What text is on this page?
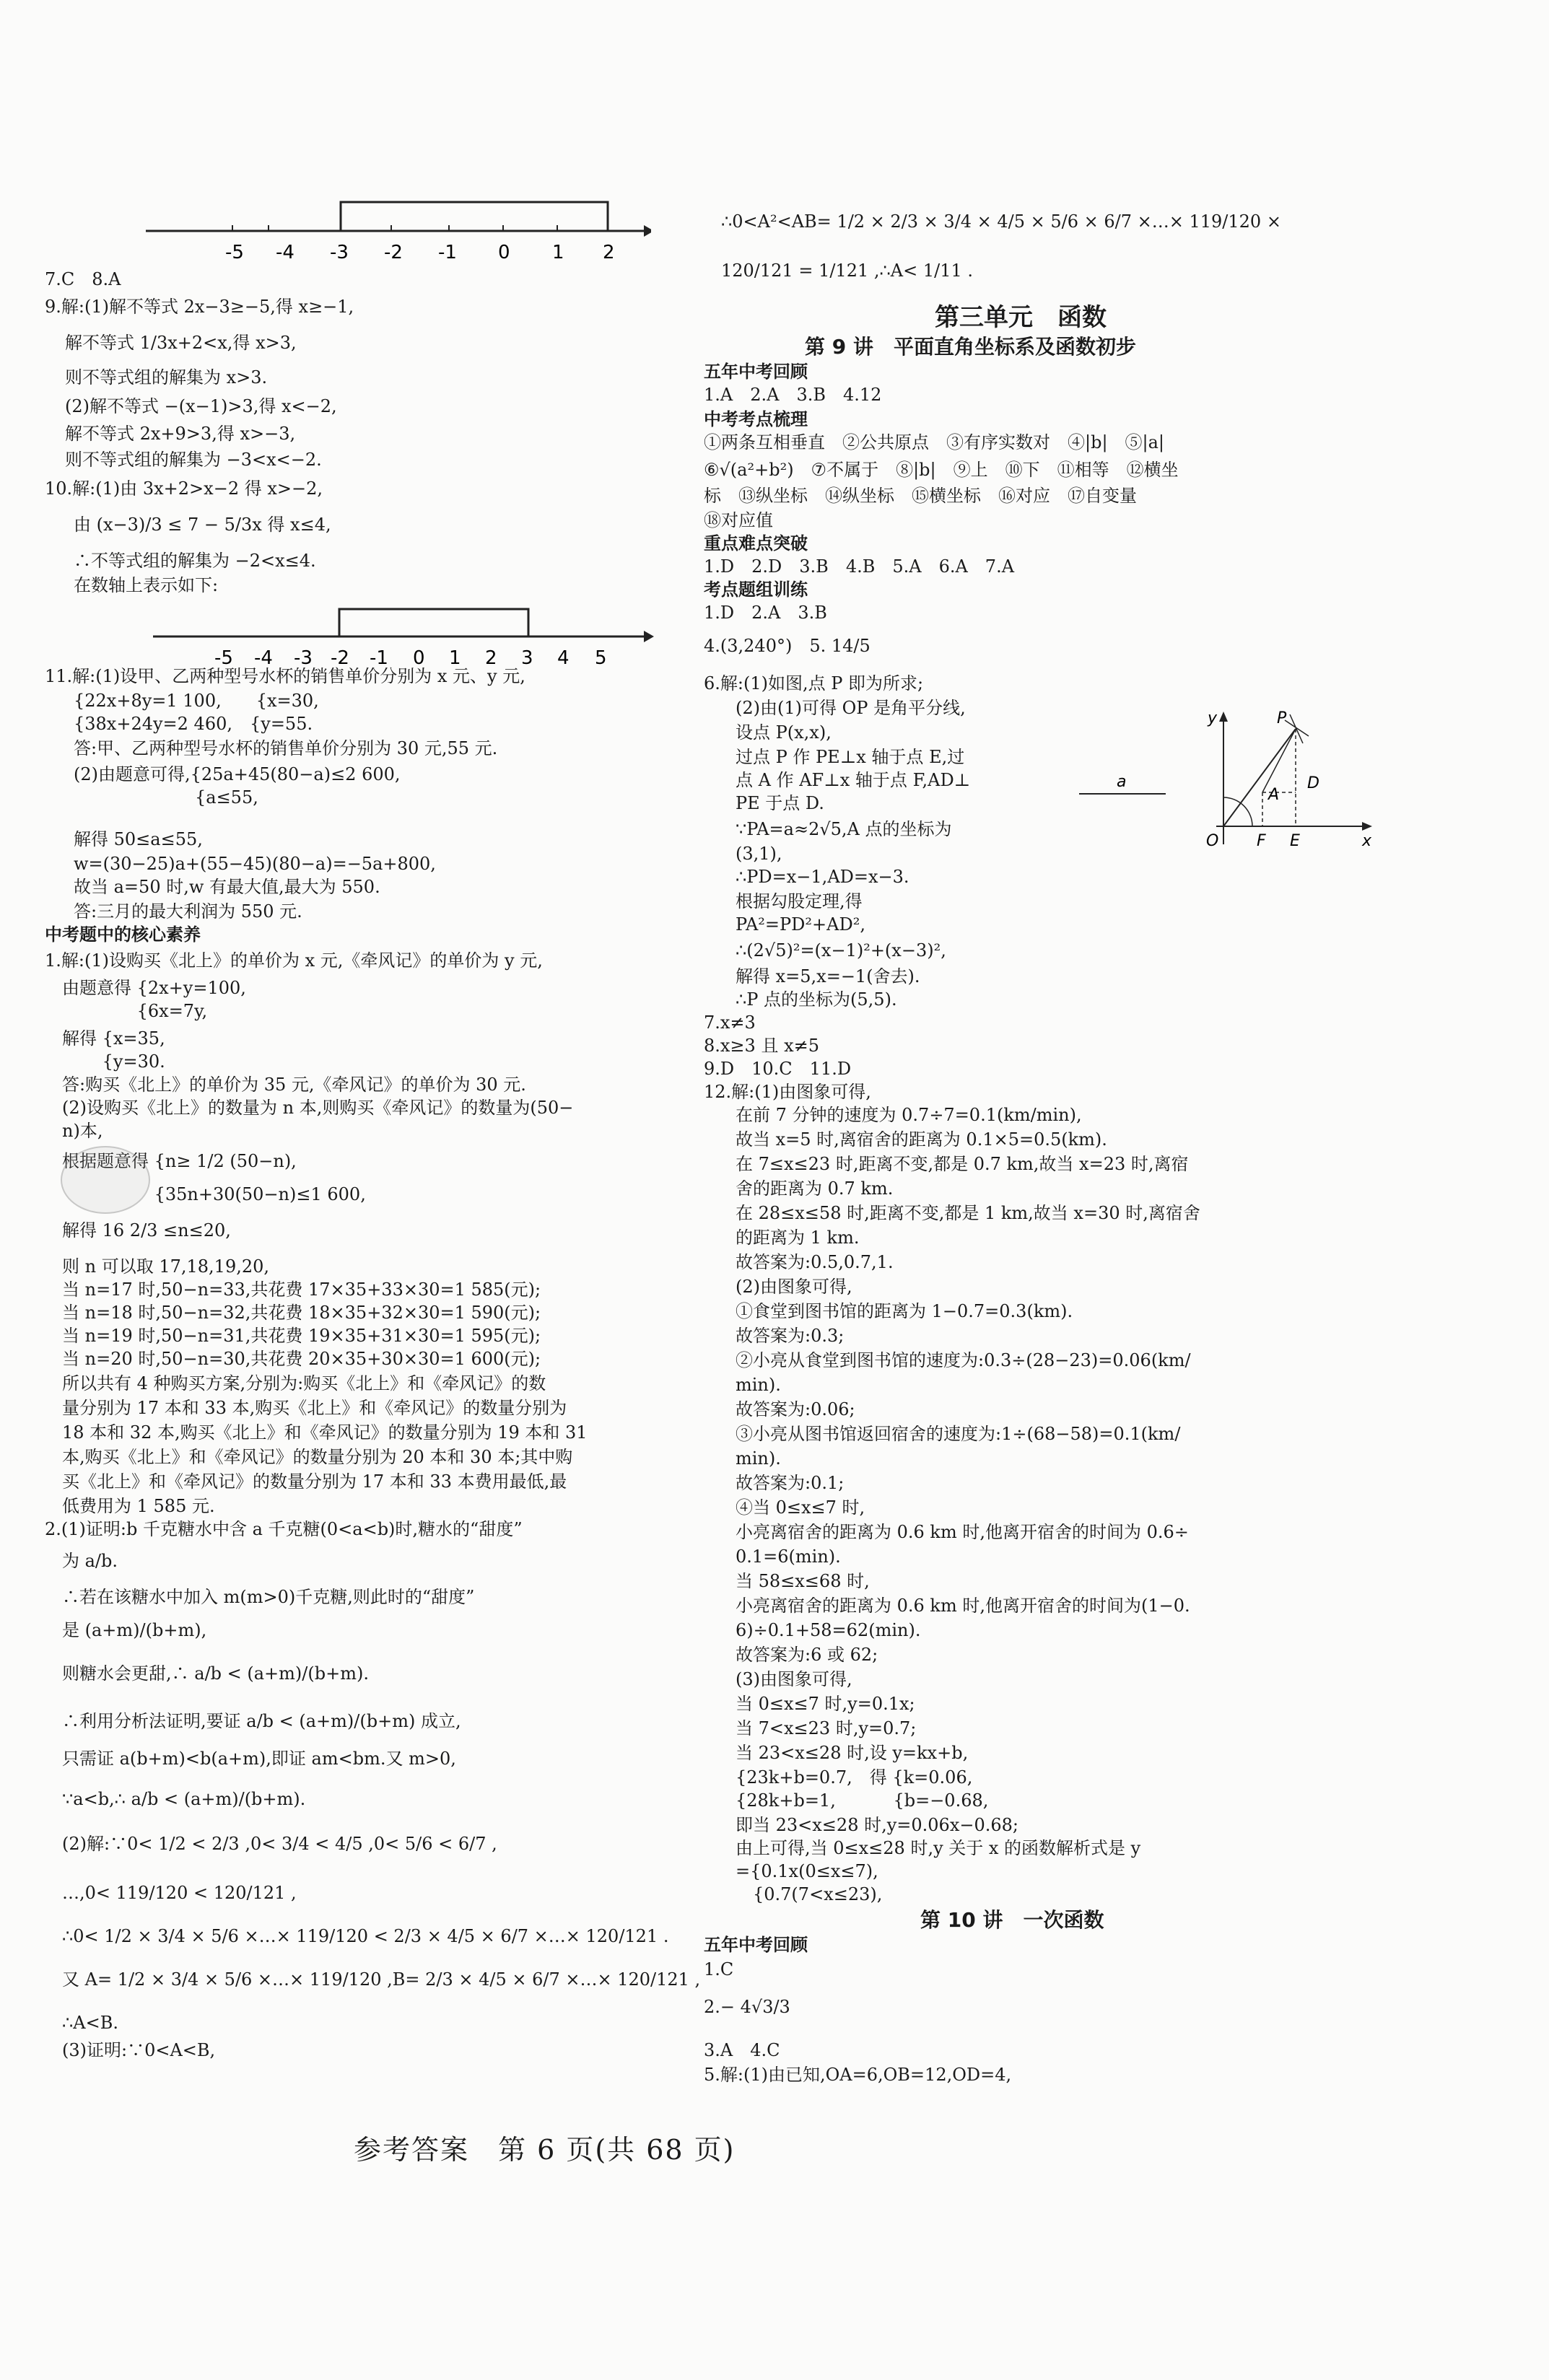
-5 -4 -3 -2 -1 0 1 2
7.C　8.A
9.解:(1)解不等式 2x−3≥−5,得 x≥−1,
解不等式 1/3x+2<x,得 x>3,
则不等式组的解集为 x>3.
(2)解不等式 −(x−1)>3,得 x<−2,
解不等式 2x+9>3,得 x>−3,
则不等式组的解集为 −3<x<−2.
10.解:(1)由 3x+2>x−2 得 x>−2,
由 (x−3)/3 ≤ 7 − 5/3x 得 x≤4,
∴不等式组的解集为 −2<x≤4.
在数轴上表示如下:
-5 -4 -3 -2 -1 0 1 2 3 4 5
11.解:(1)设甲、乙两种型号水杯的销售单价分别为 x 元、y 元,
{22x+8y=1 100,　　{x=30,
{38x+24y=2 460,　{y=55.
答:甲、乙两种型号水杯的销售单价分别为 30 元,55 元.
(2)由题意可得,{25a+45(80−a)≤2 600,
　　　　　　　{a≤55,
解得 50≤a≤55,
w=(30−25)a+(55−45)(80−a)=−5a+800,
故当 a=50 时,w 有最大值,最大为 550.
答:三月的最大利润为 550 元.
中考题中的核心素养
1.解:(1)设购买《北上》的单价为 x 元,《牵风记》的单价为 y 元,
由题意得 {2x+y=100,
　　　　 {6x=7y,
解得 {x=35,
　　 {y=30.
答:购买《北上》的单价为 35 元,《牵风记》的单价为 30 元.
(2)设购买《北上》的数量为 n 本,则购买《牵风记》的数量为(50−
n)本,
根据题意得 {n≥ 1/2 (50−n),
　　　　　 {35n+30(50−n)≤1 600,
解得 16 2/3 ≤n≤20,
则 n 可以取 17,18,19,20,
当 n=17 时,50−n=33,共花费 17×35+33×30=1 585(元);
当 n=18 时,50−n=32,共花费 18×35+32×30=1 590(元);
当 n=19 时,50−n=31,共花费 19×35+31×30=1 595(元);
当 n=20 时,50−n=30,共花费 20×35+30×30=1 600(元);
所以共有 4 种购买方案,分别为:购买《北上》和《牵风记》的数
量分别为 17 本和 33 本,购买《北上》和《牵风记》的数量分别为
18 本和 32 本,购买《北上》和《牵风记》的数量分别为 19 本和 31
本,购买《北上》和《牵风记》的数量分别为 20 本和 30 本;其中购
买《北上》和《牵风记》的数量分别为 17 本和 33 本费用最低,最
低费用为 1 585 元.
2.(1)证明:b 千克糖水中含 a 千克糖(0<a<b)时,糖水的“甜度”
为 a/b.
∴若在该糖水中加入 m(m>0)千克糖,则此时的“甜度”
是 (a+m)/(b+m),
则糖水会更甜,∴ a/b < (a+m)/(b+m).
∴利用分析法证明,要证 a/b < (a+m)/(b+m) 成立,
只需证 a(b+m)<b(a+m),即证 am<bm.又 m>0,
∵a<b,∴ a/b < (a+m)/(b+m).
(2)解:∵0< 1/2 < 2/3 ,0< 3/4 < 4/5 ,0< 5/6 < 6/7 ,
…,0< 119/120 < 120/121 ,
∴0< 1/2 × 3/4 × 5/6 ×…× 119/120 < 2/3 × 4/5 × 6/7 ×…× 120/121 .
又 A= 1/2 × 3/4 × 5/6 ×…× 119/120 ,B= 2/3 × 4/5 × 6/7 ×…× 120/121 ,
∴A<B.
(3)证明:∵0<A<B,
∴0<A²<AB= 1/2 × 2/3 × 3/4 × 4/5 × 5/6 × 6/7 ×…× 119/120 ×
120/121 = 1/121 ,∴A< 1/11 .
第三单元　函数
第 9 讲　平面直角坐标系及函数初步
五年中考回顾
1.A　2.A　3.B　4.12
中考考点梳理
①两条互相垂直　②公共原点　③有序实数对　④|b|　⑤|a|
⑥√(a²+b²)　⑦不属于　⑧|b|　⑨上　⑩下　⑪相等　⑫横坐
标　⑬纵坐标　⑭纵坐标　⑮横坐标　⑯对应　⑰自变量
⑱对应值
重点难点突破
1.D　2.D　3.B　4.B　5.A　6.A　7.A
考点题组训练
1.D　2.A　3.B
4.(3,240°)　5. 14/5
6.解:(1)如图,点 P 即为所求;
(2)由(1)可得 OP 是角平分线,
设点 P(x,x),
过点 P 作 PE⊥x 轴于点 E,过
点 A 作 AF⊥x 轴于点 F,AD⊥
PE 于点 D.
∵PA=a≈2√5,A 点的坐标为
(3,1),
∴PD=x−1,AD=x−3.
根据勾股定理,得
PA²=PD²+AD²,
∴(2√5)²=(x−1)²+(x−3)²,
解得 x=5,x=−1(舍去).
∴P 点的坐标为(5,5).
7.x≠3
8.x≥3 且 x≠5
9.D　10.C　11.D
12.解:(1)由图象可得,
在前 7 分钟的速度为 0.7÷7=0.1(km/min),
故当 x=5 时,离宿舍的距离为 0.1×5=0.5(km).
在 7≤x≤23 时,距离不变,都是 0.7 km,故当 x=23 时,离宿
舍的距离为 0.7 km.
在 28≤x≤58 时,距离不变,都是 1 km,故当 x=30 时,离宿舍
的距离为 1 km.
故答案为:0.5,0.7,1.
(2)由图象可得,
①食堂到图书馆的距离为 1−0.7=0.3(km).
故答案为:0.3;
②小亮从食堂到图书馆的速度为:0.3÷(28−23)=0.06(km/
min).
故答案为:0.06;
③小亮从图书馆返回宿舍的速度为:1÷(68−58)=0.1(km/
min).
故答案为:0.1;
④当 0≤x≤7 时,
小亮离宿舍的距离为 0.6 km 时,他离开宿舍的时间为 0.6÷
0.1=6(min).
当 58≤x≤68 时,
小亮离宿舍的距离为 0.6 km 时,他离开宿舍的时间为(1−0.
6)÷0.1+58=62(min).
故答案为:6 或 62;
(3)由图象可得,
当 0≤x≤7 时,y=0.1x;
当 7<x≤23 时,y=0.7;
当 23<x≤28 时,设 y=kx+b,
{23k+b=0.7,　得 {k=0.06,
{28k+b=1,　　　 {b=−0.68,
即当 23<x≤28 时,y=0.06x−0.68;
由上可得,当 0≤x≤28 时,y 关于 x 的函数解析式是 y
={0.1x(0≤x≤7),
　{0.7(7<x≤23),
第 10 讲　一次函数
五年中考回顾
1.C
2.− 4√3/3
3.A　4.C
5.解:(1)由已知,OA=6,OB=12,OD=4,
a
y	P
A
D
O F E	x
参考答案　第 6 页(共 68 页)
